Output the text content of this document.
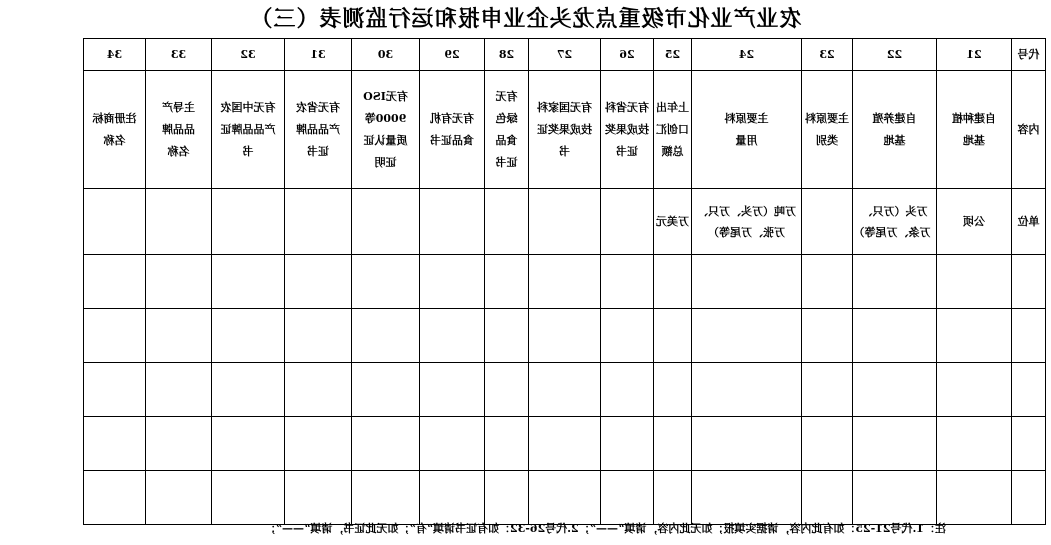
农业产业化市级重点龙头企业申报和运行监测表（三）
代号	21	22	23	24	25	26	27	28	29	30	31	32	33	34
内容	自建种植基地	自建养殖基地	主要原料类别	主要原料用量	上年出口创汇总额	有无省科技成果奖证书	有无国家科技成果奖证书	有无绿色食品证书	有无有机食品证书	有无ISO9000等质量认证证明	有无省农产品品牌证书	有无中国农产品品牌证书	主导产品品牌名称	注册商标名称
单位	公顷	万头（万只、万条、万尾等）		万吨（万头、万只、万张、万尾等）	万美元									

注：1.代号21-25：如有此内容，请据实填报；如无此内容，请填“——”；2.代号26-32：如有证书请填“有”；如无此证书，请填“——”；
